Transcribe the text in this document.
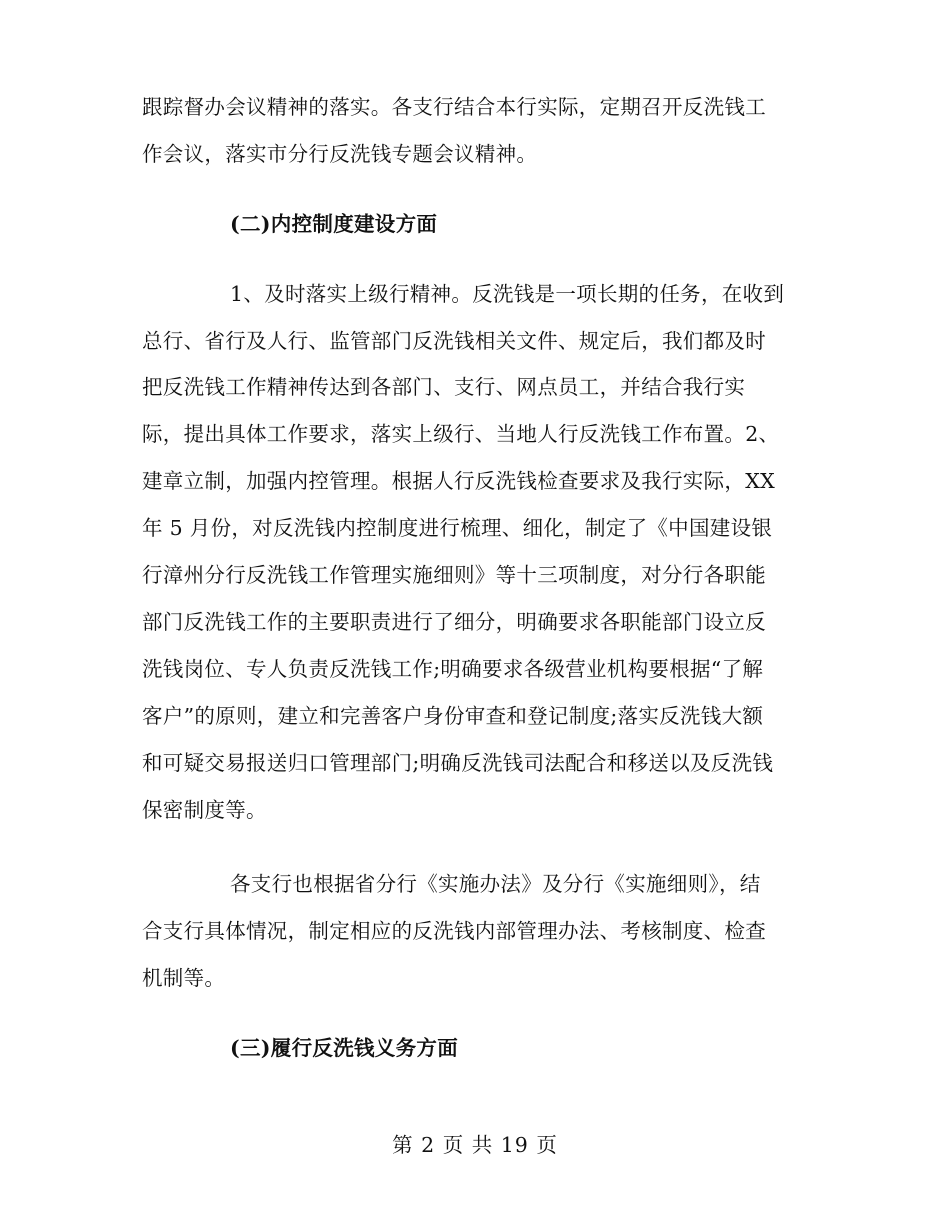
跟踪督办会议精神的落实。各支行结合本行实际，定期召开反洗钱工
作会议，落实市分行反洗钱专题会议精神。
(二)内控制度建设方面
1、及时落实上级行精神。反洗钱是一项长期的任务，在收到
总行、省行及人行、监管部门反洗钱相关文件、规定后，我们都及时
把反洗钱工作精神传达到各部门、支行、网点员工，并结合我行实
际，提出具体工作要求，落实上级行、当地人行反洗钱工作布置。2、
建章立制，加强内控管理。根据人行反洗钱检查要求及我行实际，XX
年 5 月份，对反洗钱内控制度进行梳理、细化，制定了《中国建设银
行漳州分行反洗钱工作管理实施细则》等十三项制度，对分行各职能
部门反洗钱工作的主要职责进行了细分，明确要求各职能部门设立反
洗钱岗位、专人负责反洗钱工作;明确要求各级营业机构要根据“了解
客户”的原则，建立和完善客户身份审查和登记制度;落实反洗钱大额
和可疑交易报送归口管理部门;明确反洗钱司法配合和移送以及反洗钱
保密制度等。
各支行也根据省分行《实施办法》及分行《实施细则》，结
合支行具体情况，制定相应的反洗钱内部管理办法、考核制度、检查
机制等。
(三)履行反洗钱义务方面
第 2 页 共 19 页
